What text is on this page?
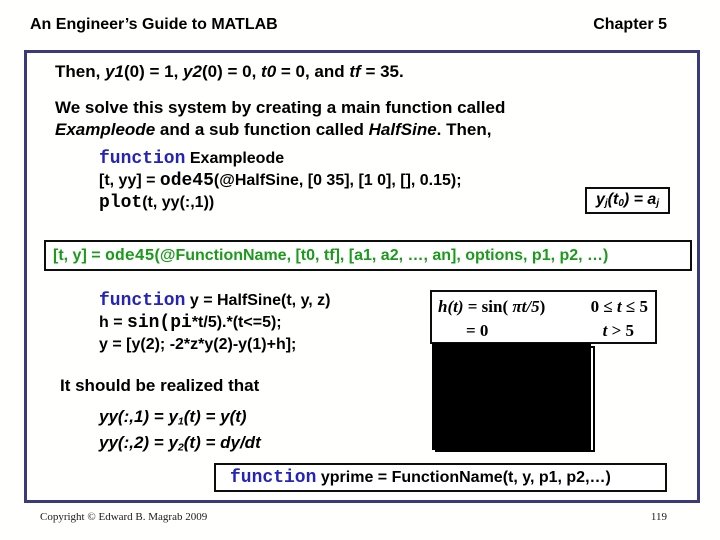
An Engineer’s Guide to MATLAB	Chapter 5
Then, y1(0) = 1, y2(0) = 0, t0 = 0, and tf = 35.
We solve this system by creating a main function called
Exampleode and a sub function called HalfSine. Then,
function Exampleode
[t, yy] = ode45(@HalfSine, [0 35], [1 0], [], 0.15);
plot(t, yy(:,1))	$y_j(t_0) = a_j$
[t, y] = ode45(@FunctionName, [t0, tf], [a1, a2, …, an], options, p1, p2, …)
function y = HalfSine(t, y, z)
h = sin(pi*t/5).*(t<=5);
y = [y(2); -2*z*y(2)-y(1)+h];
h(t) = sin( πt/5)	0 ≤ t ≤ 5
= 0	t > 5
It should be realized that
yy(:,1) = $y_1(t) = y(t)$
yy(:,2) = $y_2(t) = dy/dt$
function yprime = FunctionName(t, y, p1, p2,…)
Copyright © Edward B. Magrab 2009	119
